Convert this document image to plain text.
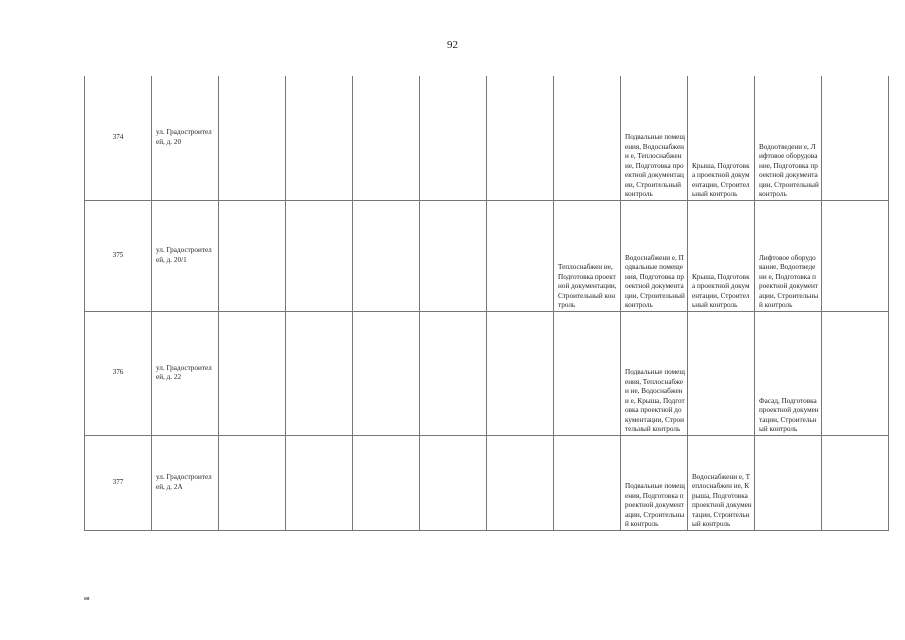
92
374	ул. Градостроител ей, д. 20							Подвальные помещения, Водоснабжени е, Теплоснабжен ие, Подготовка проектной документации, Строительный контроль	Крыша, Подготовка проектной документации, Строительный контроль	Водоотведени е, Лифтовое оборудование, Подготовка проектной документации, Строительный контроль	
375	ул. Градостроител ей, д. 20/1						Теплоснабжен ие, Подготовка проектной документации, Строительный контроль	Водоснабжени е, Подвальные помещения, Подготовка проектной документации, Строительный контроль	Крыша, Подготовка проектной документации, Строительный контроль	Лифтовое оборудование, Водоотведени е, Подготовка проектной документации, Строительный контроль	
376	ул. Градостроител ей, д. 22							Подвальные помещения, Теплоснабжен ие, Водоснабжени е, Крыша, Подготовка проектной документации, Строительный контроль		Фасад, Подготовка проектной документации, Строительный контроль	
377	ул. Градостроител ей, д. 2А							Подвальные помещения, Подготовка проектной документации, Строительный контроль	Водоснабжени е, Теплоснабжен ие, Крыша, Подготовка проектной документации, Строительный контроль		
яя
